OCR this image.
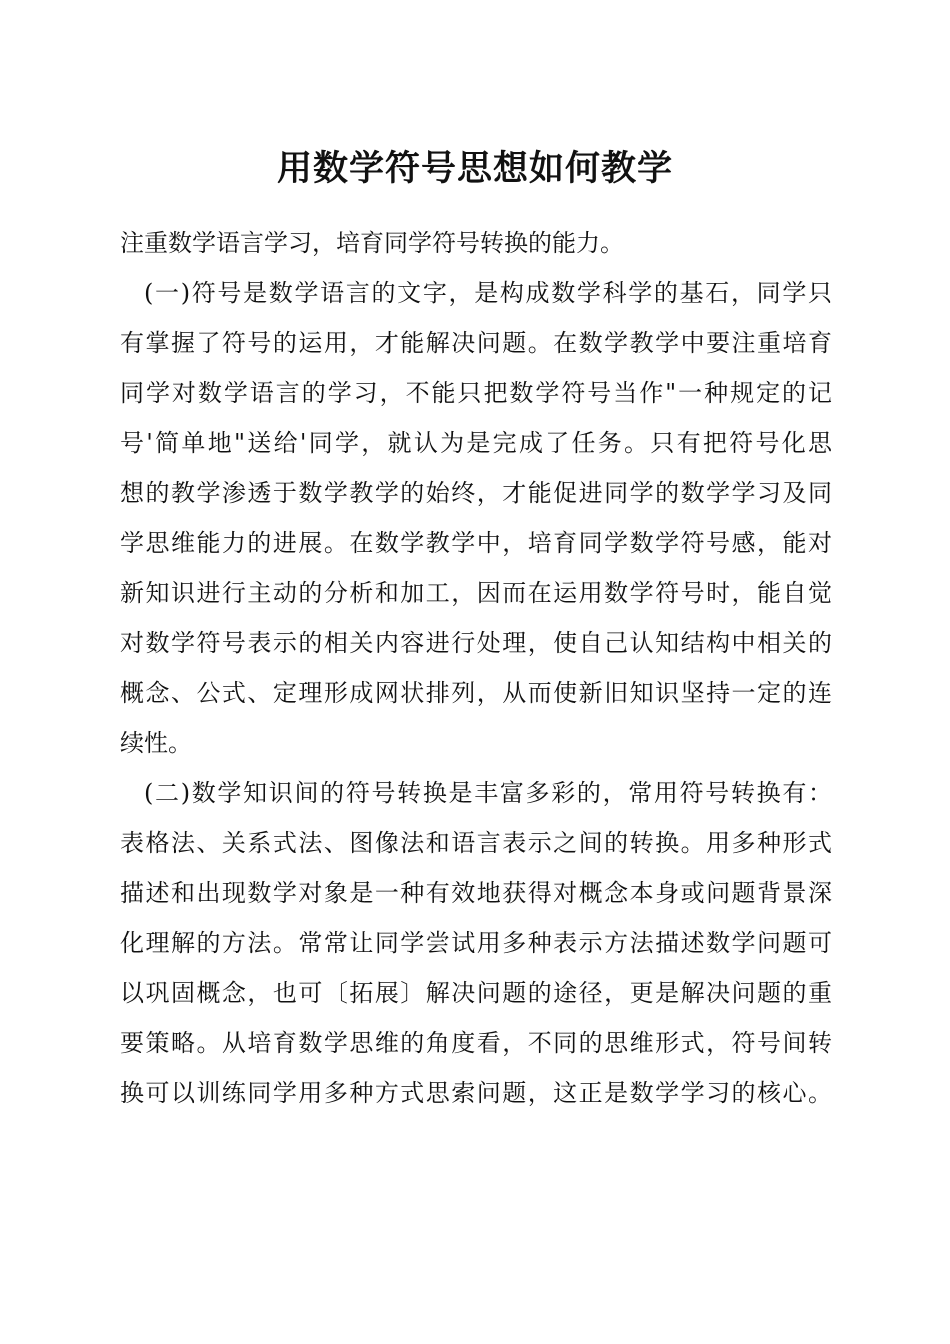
用数学符号思想如何教学
注重数学语言学习，培育同学符号转换的能力。
(一)符号是数学语言的文字，是构成数学科学的基石，同学只
有掌握了符号的运用，才能解决问题。在数学教学中要注重培育
同学对数学语言的学习，不能只把数学符号当作"一种规定的记
号'简单地"送给'同学，就认为是完成了任务。只有把符号化思
想的教学渗透于数学教学的始终，才能促进同学的数学学习及同
学思维能力的进展。在数学教学中，培育同学数学符号感，能对
新知识进行主动的分析和加工，因而在运用数学符号时，能自觉
对数学符号表示的相关内容进行处理，使自己认知结构中相关的
概念、公式、定理形成网状排列，从而使新旧知识坚持一定的连
续性。
(二)数学知识间的符号转换是丰富多彩的，常用符号转换有：
表格法、关系式法、图像法和语言表示之间的转换。用多种形式
描述和出现数学对象是一种有效地获得对概念本身或问题背景深
化理解的方法。常常让同学尝试用多种表示方法描述数学问题可
以巩固概念，也可〔拓展〕解决问题的途径，更是解决问题的重
要策略。从培育数学思维的角度看，不同的思维形式，符号间转
换可以训练同学用多种方式思索问题，这正是数学学习的核心。
